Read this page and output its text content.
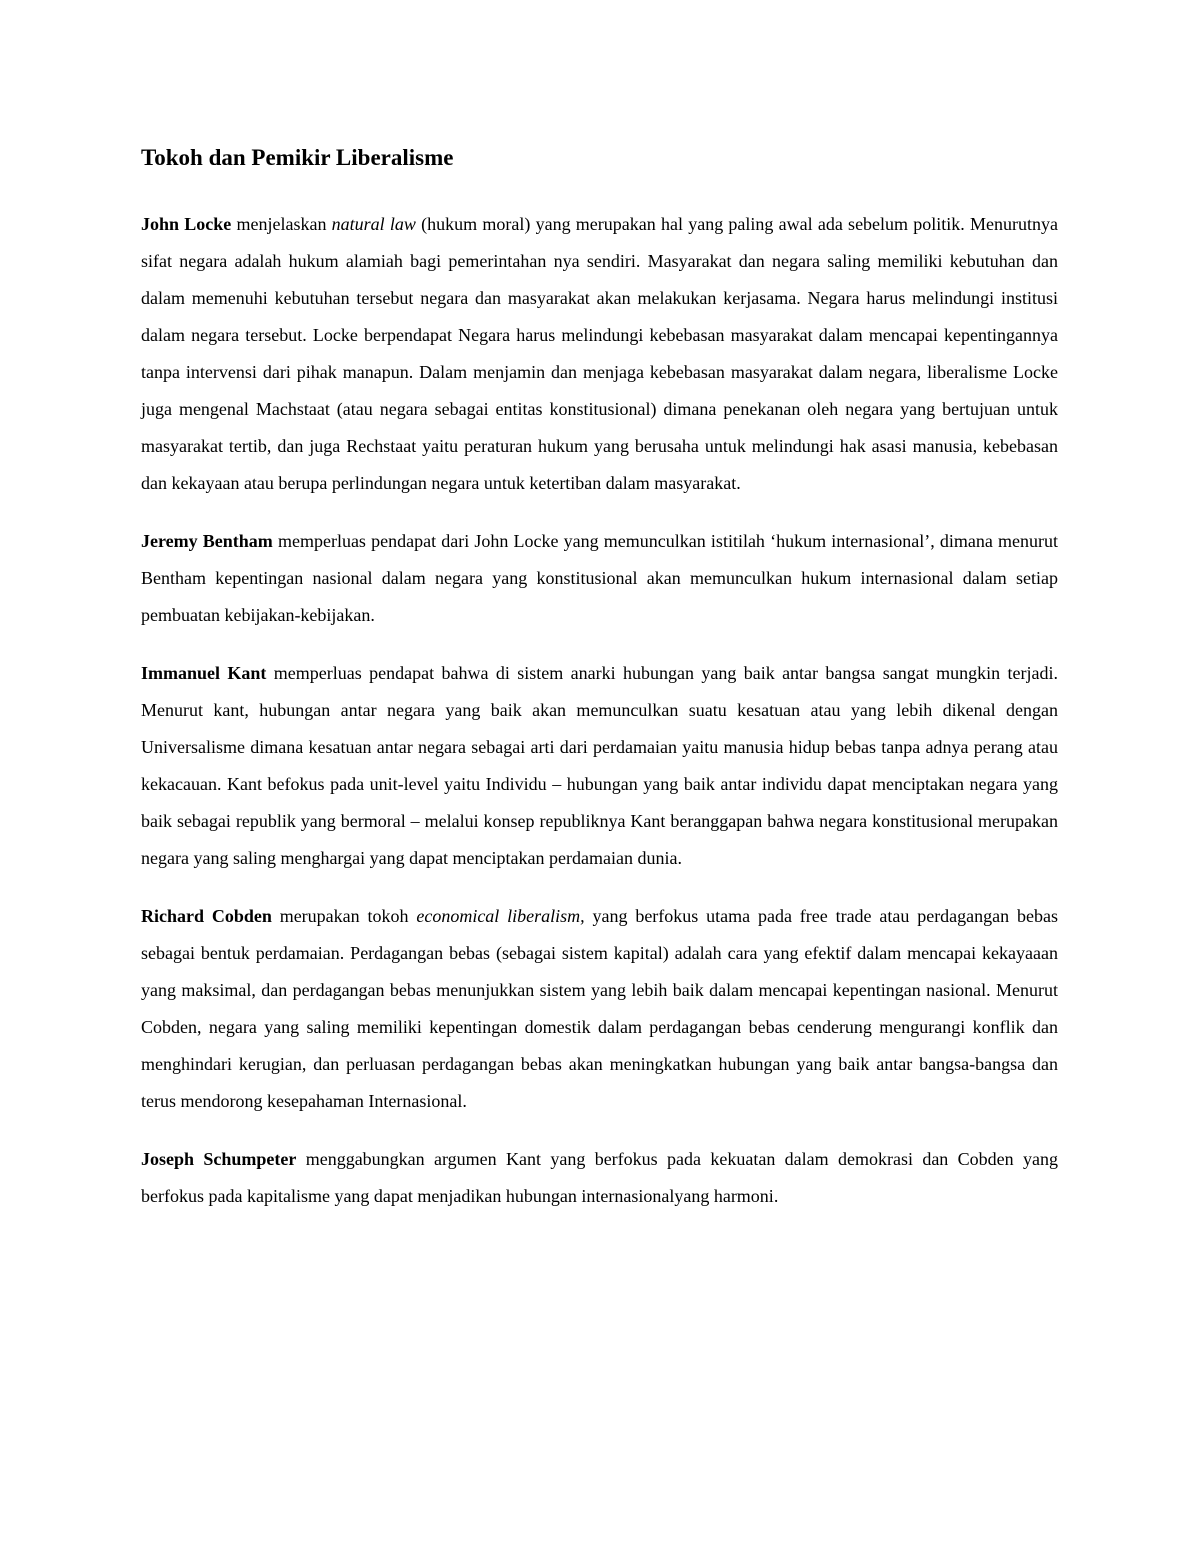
Tokoh dan Pemikir Liberalisme

John Locke menjelaskan natural law (hukum moral) yang merupakan hal yang paling awal ada sebelum politik. Menurutnya sifat negara adalah hukum alamiah bagi pemerintahan nya sendiri. Masyarakat dan negara saling memiliki kebutuhan dan dalam memenuhi kebutuhan tersebut negara dan masyarakat akan melakukan kerjasama. Negara harus melindungi institusi dalam negara tersebut. Locke berpendapat Negara harus melindungi kebebasan masyarakat dalam mencapai kepentingannya tanpa intervensi dari pihak manapun. Dalam menjamin dan menjaga kebebasan masyarakat dalam negara, liberalisme Locke juga mengenal Machstaat (atau negara sebagai entitas konstitusional) dimana penekanan oleh negara yang bertujuan untuk masyarakat tertib, dan juga Rechstaat yaitu peraturan hukum yang berusaha untuk melindungi hak asasi manusia, kebebasan dan kekayaan atau berupa perlindungan negara untuk ketertiban dalam masyarakat.

Jeremy Bentham memperluas pendapat dari John Locke yang memunculkan istitilah ‘hukum internasional’, dimana menurut Bentham kepentingan nasional dalam negara yang konstitusional akan memunculkan hukum internasional dalam setiap pembuatan kebijakan-kebijakan.

Immanuel Kant memperluas pendapat bahwa di sistem anarki hubungan yang baik antar bangsa sangat mungkin terjadi. Menurut kant, hubungan antar negara yang baik akan memunculkan suatu kesatuan atau yang lebih dikenal dengan Universalisme dimana kesatuan antar negara sebagai arti dari perdamaian yaitu manusia hidup bebas tanpa adnya perang atau kekacauan. Kant befokus pada unit-level yaitu Individu – hubungan yang baik antar individu dapat menciptakan negara yang baik sebagai republik yang bermoral – melalui konsep republiknya Kant beranggapan bahwa negara konstitusional merupakan negara yang saling menghargai yang dapat menciptakan perdamaian dunia.

Richard Cobden merupakan tokoh economical liberalism, yang berfokus utama pada free trade atau perdagangan bebas sebagai bentuk perdamaian. Perdagangan bebas (sebagai sistem kapital) adalah cara yang efektif dalam mencapai kekayaaan yang maksimal, dan perdagangan bebas menunjukkan sistem yang lebih baik dalam mencapai kepentingan nasional. Menurut Cobden, negara yang saling memiliki kepentingan domestik dalam perdagangan bebas cenderung mengurangi konflik dan menghindari kerugian, dan perluasan perdagangan bebas akan meningkatkan hubungan yang baik antar bangsa-bangsa dan terus mendorong kesepahaman Internasional.

Joseph Schumpeter menggabungkan argumen Kant yang berfokus pada kekuatan dalam demokrasi dan Cobden yang berfokus pada kapitalisme yang dapat menjadikan hubungan internasionalyang harmoni.
